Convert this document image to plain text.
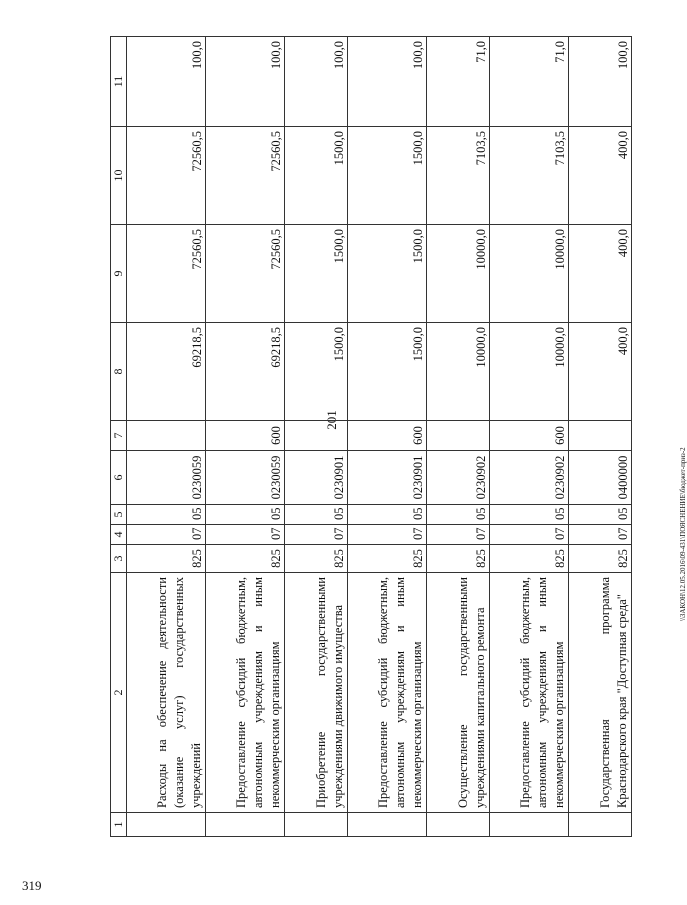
201
\\ЗАКОН\12.05.2016\09-431\ПОЯСНЕНИЕ\бюджет-приз-2
319
1	2	3	4	5	6	7	8	9	10	11
	Расходы на обеспечение деятельности (оказание услуг) государственных учреждений	825	07	05	0230059		69218,5	72560,5	72560,5	100,0
	Предоставление субсидий бюджетным, автономным учреждениям и иным некоммерческим организациям	825	07	05	0230059	600	69218,5	72560,5	72560,5	100,0
	Приобретение государственными учреждениями движимого имущества	825	07	05	0230901		1500,0	1500,0	1500,0	100,0
	Предоставление субсидий бюджетным, автономным учреждениям и иным некоммерческим организациям	825	07	05	0230901	600	1500,0	1500,0	1500,0	100,0
	Осуществление государственными учреждениями капитального ремонта	825	07	05	0230902		10000,0	10000,0	7103,5	71,0
	Предоставление субсидий бюджетным, автономным учреждениям и иным некоммерческим организациям	825	07	05	0230902	600	10000,0	10000,0	7103,5	71,0
	Государственная программа Краснодарского края "Доступная среда"	825	07	05	0400000		400,0	400,0	400,0	100,0
